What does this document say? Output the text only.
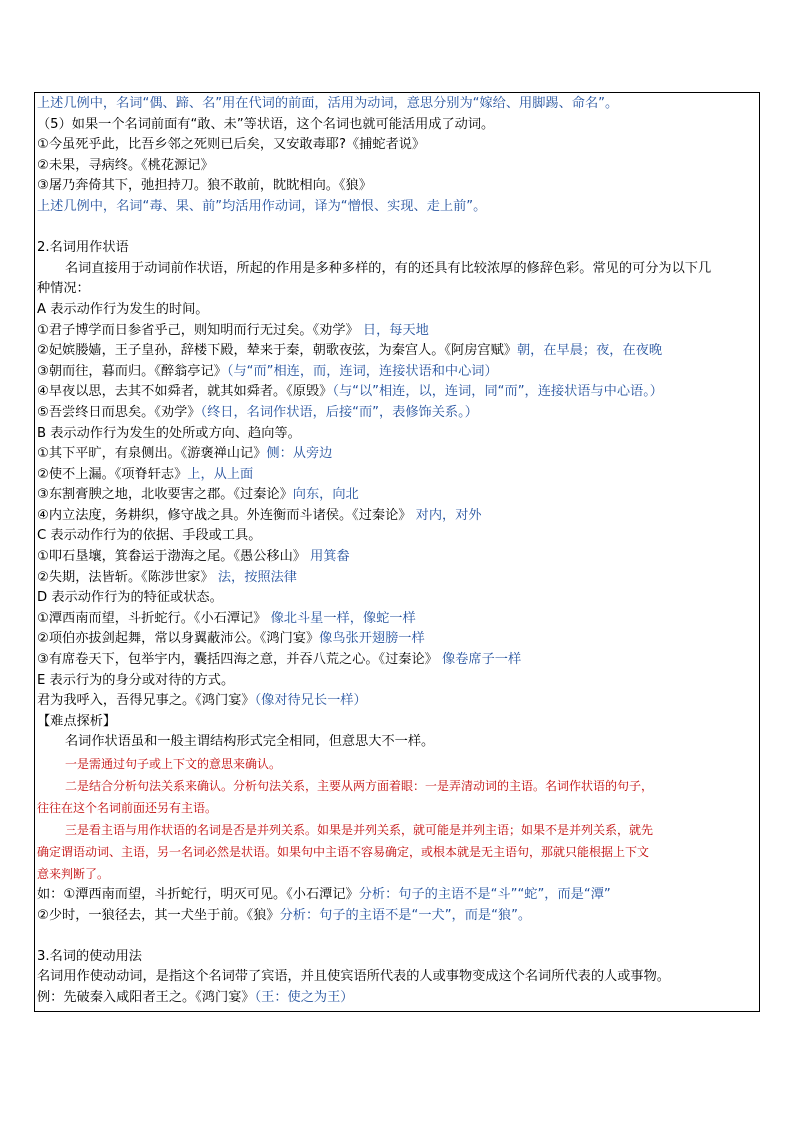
上述几例中，名词“偶、蹄、名”用在代词的前面，活用为动词，意思分别为“嫁给、用脚踢、命名”。
（5）如果一个名词前面有“敢、未”等状语，这个名词也就可能活用成了动词。
①今虽死乎此，比吾乡邻之死则已后矣，又安敢毒耶?《捕蛇者说》
②未果，寻病终。《桃花源记》
③屠乃奔倚其下，弛担持刀。狼不敢前，眈眈相向。《狼》
上述几例中，名词“毒、果、前”均活用作动词，译为“憎恨、实现、走上前”。
2.名词用作状语
名词直接用于动词前作状语，所起的作用是多种多样的，有的还具有比较浓厚的修辞色彩。常见的可分为以下几
种情况：
A 表示动作行为发生的时间。
①君子博学而日参省乎己，则知明而行无过矣。《劝学》 日，每天地
②妃嫔媵嫱，王子皇孙，辞楼下殿，辇来于秦，朝歌夜弦，为秦宫人。《阿房宫赋》朝，在早晨；夜，在夜晚
③朝而往，暮而归。《醉翁亭记》（与“而”相连，而，连词，连接状语和中心词）
④早夜以思，去其不如舜者，就其如舜者。《原毁》（与“以”相连，以，连词，同“而”，连接状语与中心语。）
⑤吾尝终日而思矣。《劝学》（终日，名词作状语，后接“而”，表修饰关系。）
B 表示动作行为发生的处所或方向、趋向等。
①其下平旷，有泉侧出。《游褒禅山记》侧：从旁边
②使不上漏。《项脊轩志》上，从上面
③东割膏腴之地，北收要害之郡。《过秦论》向东，向北
④内立法度，务耕织，修守战之具。外连衡而斗诸侯。《过秦论》 对内，对外
C 表示动作行为的依据、手段或工具。
①叩石垦壤，箕畚运于渤海之尾。《愚公移山》 用箕畚
②失期，法皆斩。《陈涉世家》 法，按照法律
D 表示动作行为的特征或状态。
①潭西南而望，斗折蛇行。《小石潭记》 像北斗星一样，像蛇一样
②项伯亦拔剑起舞，常以身翼蔽沛公。《鸿门宴》像鸟张开翅膀一样
③有席卷天下，包举宇内，囊括四海之意，并吞八荒之心。《过秦论》 像卷席子一样
E 表示行为的身分或对待的方式。
君为我呼入，吾得兄事之。《鸿门宴》（像对待兄长一样）
【难点探析】
名词作状语虽和一般主谓结构形式完全相同，但意思大不一样。
一是需通过句子或上下文的意思来确认。
二是结合分析句法关系来确认。分析句法关系，主要从两方面着眼：一是弄清动词的主语。名词作状语的句子，
往往在这个名词前面还另有主语。
三是看主语与用作状语的名词是否是并列关系。如果是并列关系，就可能是并列主语；如果不是并列关系，就先
确定谓语动词、主语，另一名词必然是状语。如果句中主语不容易确定，或根本就是无主语句，那就只能根据上下文
意来判断了。
如：①潭西南而望，斗折蛇行，明灭可见。《小石潭记》分析：句子的主语不是“斗”“蛇”，而是“潭”
②少时，一狼径去，其一犬坐于前。《狼》分析：句子的主语不是“一犬”，而是“狼”。
3.名词的使动用法
名词用作使动动词，是指这个名词带了宾语，并且使宾语所代表的人或事物变成这个名词所代表的人或事物。
例：先破秦入咸阳者王之。《鸿门宴》（王：使之为王）
